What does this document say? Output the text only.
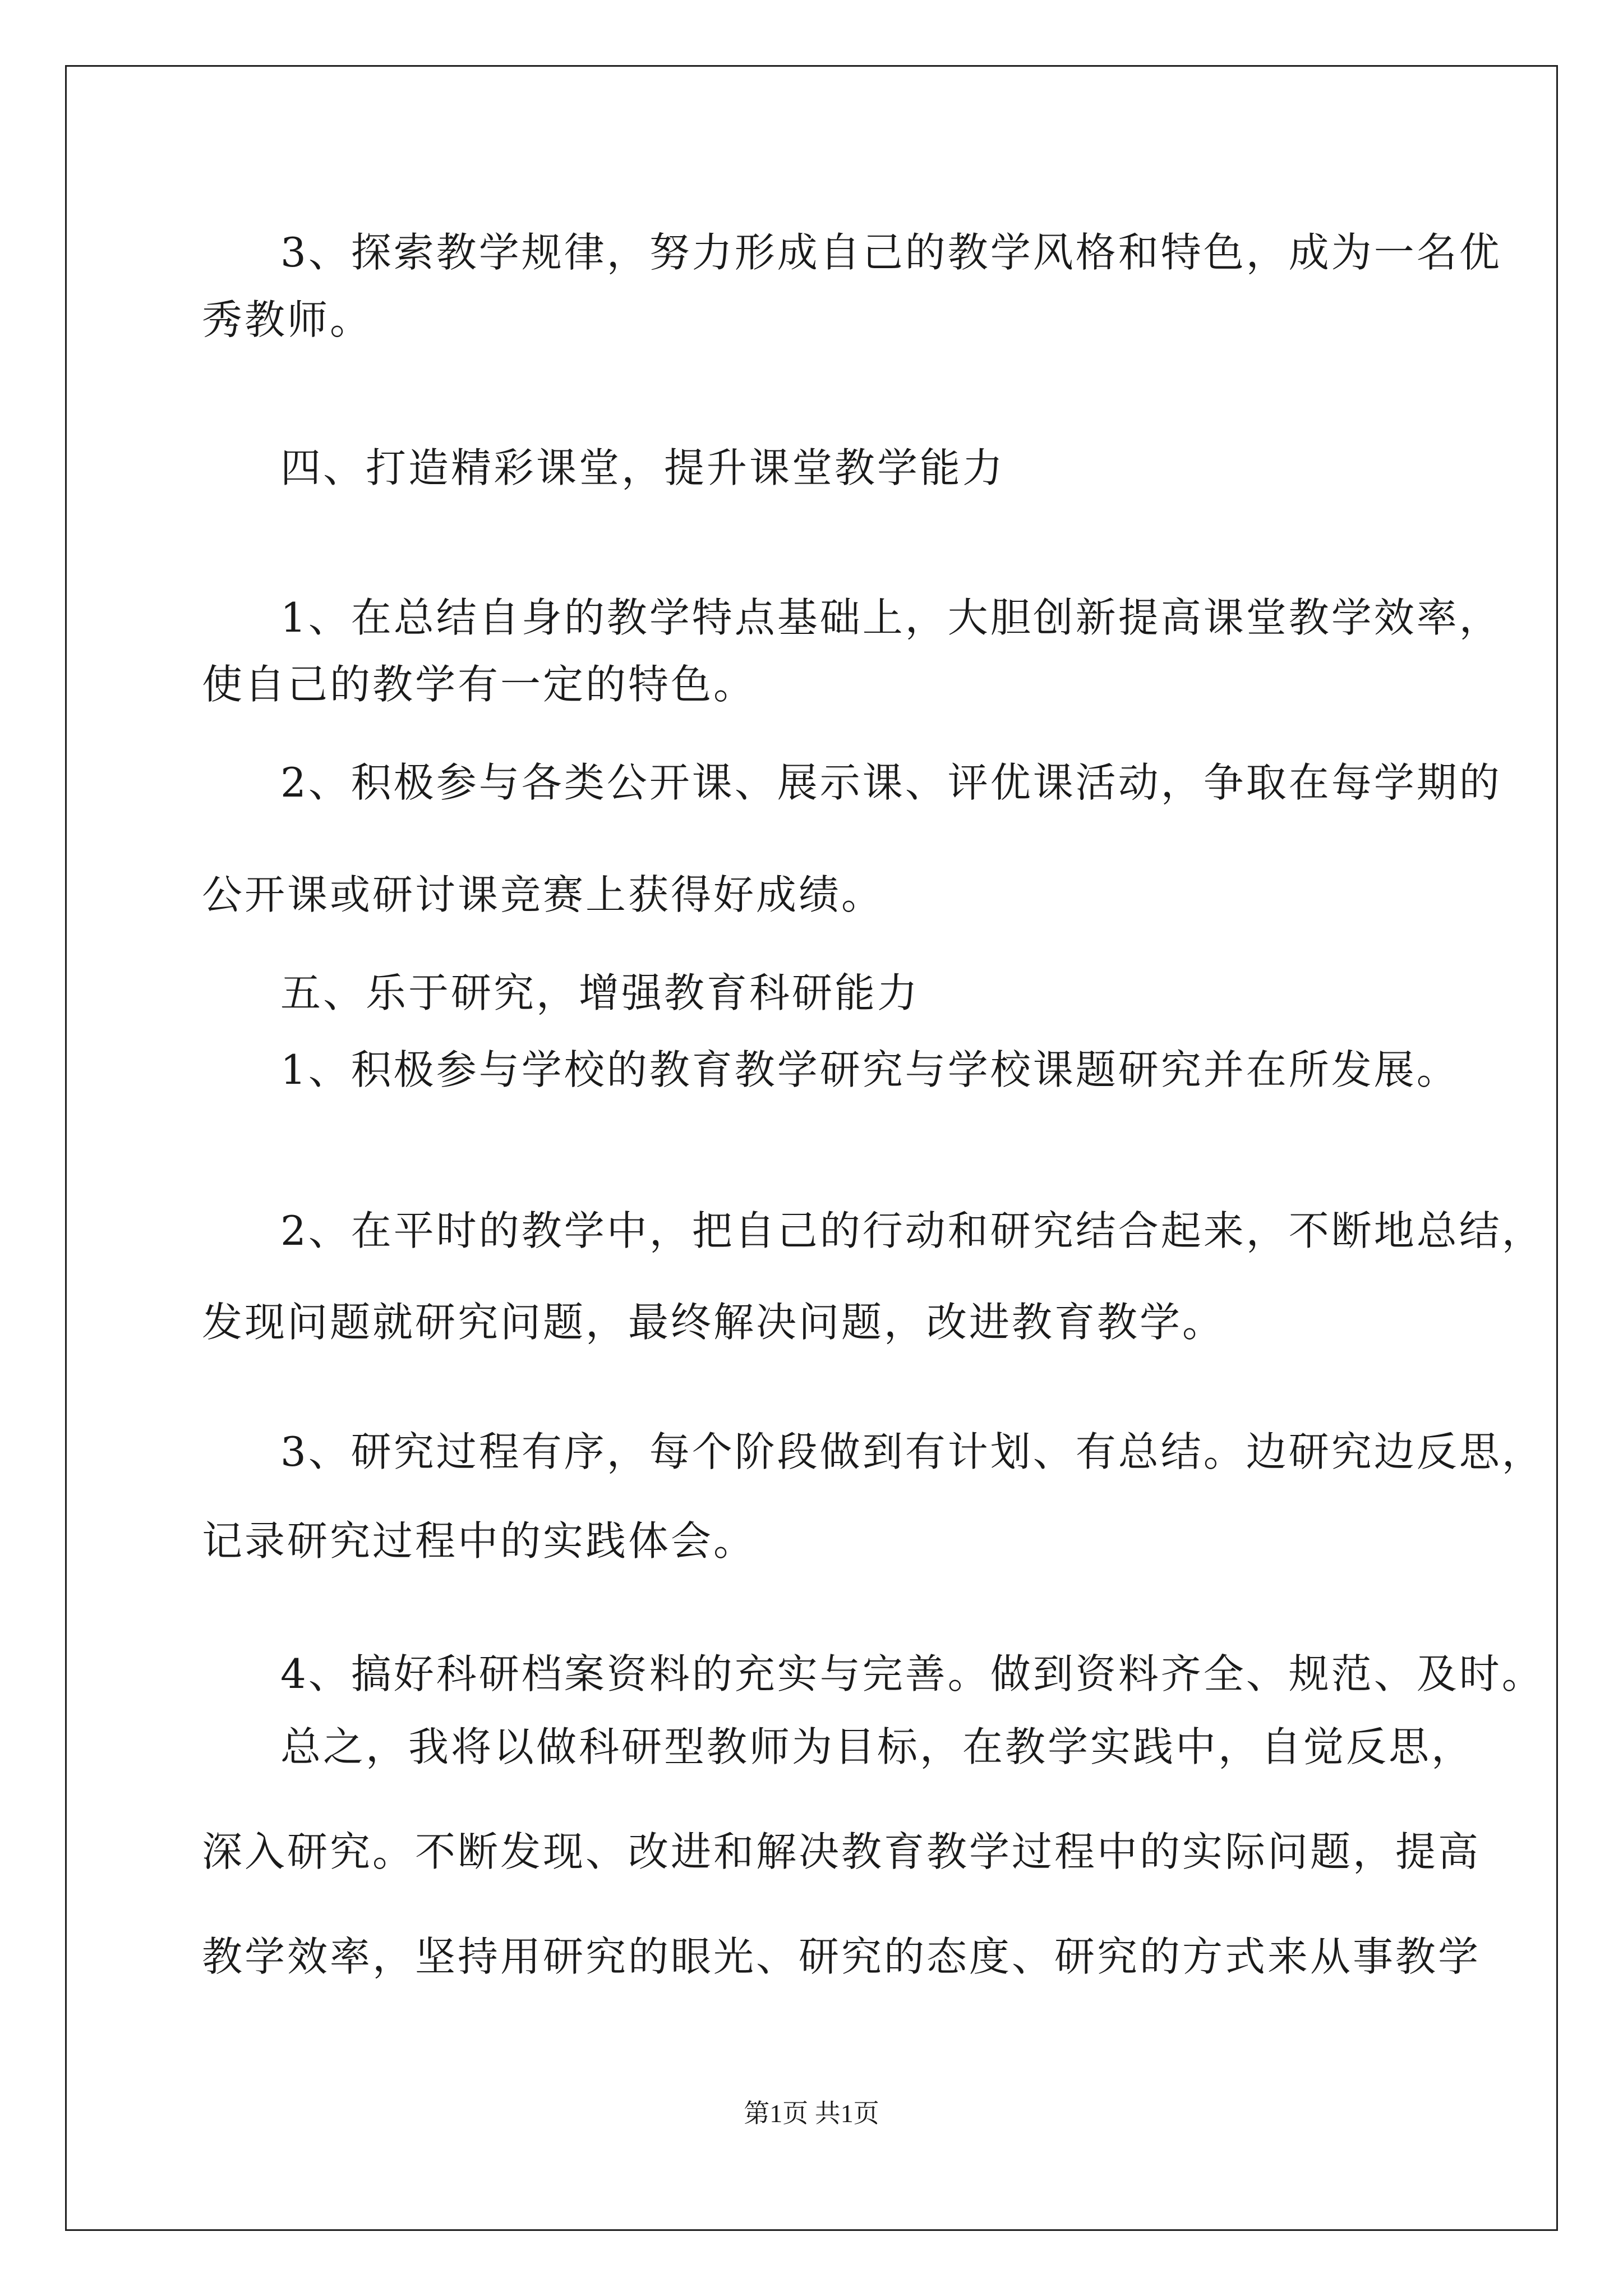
3、探索教学规律，努力形成自己的教学风格和特色，成为一名优
秀教师。
四、打造精彩课堂，提升课堂教学能力
1、在总结自身的教学特点基础上，大胆创新提高课堂教学效率，
使自己的教学有一定的特色。
2、积极参与各类公开课、展示课、评优课活动，争取在每学期的
公开课或研讨课竞赛上获得好成绩。
五、乐于研究，增强教育科研能力
1、积极参与学校的教育教学研究与学校课题研究并在所发展。
2、在平时的教学中，把自己的行动和研究结合起来，不断地总结，
发现问题就研究问题，最终解决问题，改进教育教学。
3、研究过程有序，每个阶段做到有计划、有总结。边研究边反思，
记录研究过程中的实践体会。
4、搞好科研档案资料的充实与完善。做到资料齐全、规范、及时。
总之，我将以做科研型教师为目标，在教学实践中，自觉反思，
深入研究。不断发现、改进和解决教育教学过程中的实际问题，提高
教学效率，坚持用研究的眼光、研究的态度、研究的方式来从事教学
第1页 共1页
